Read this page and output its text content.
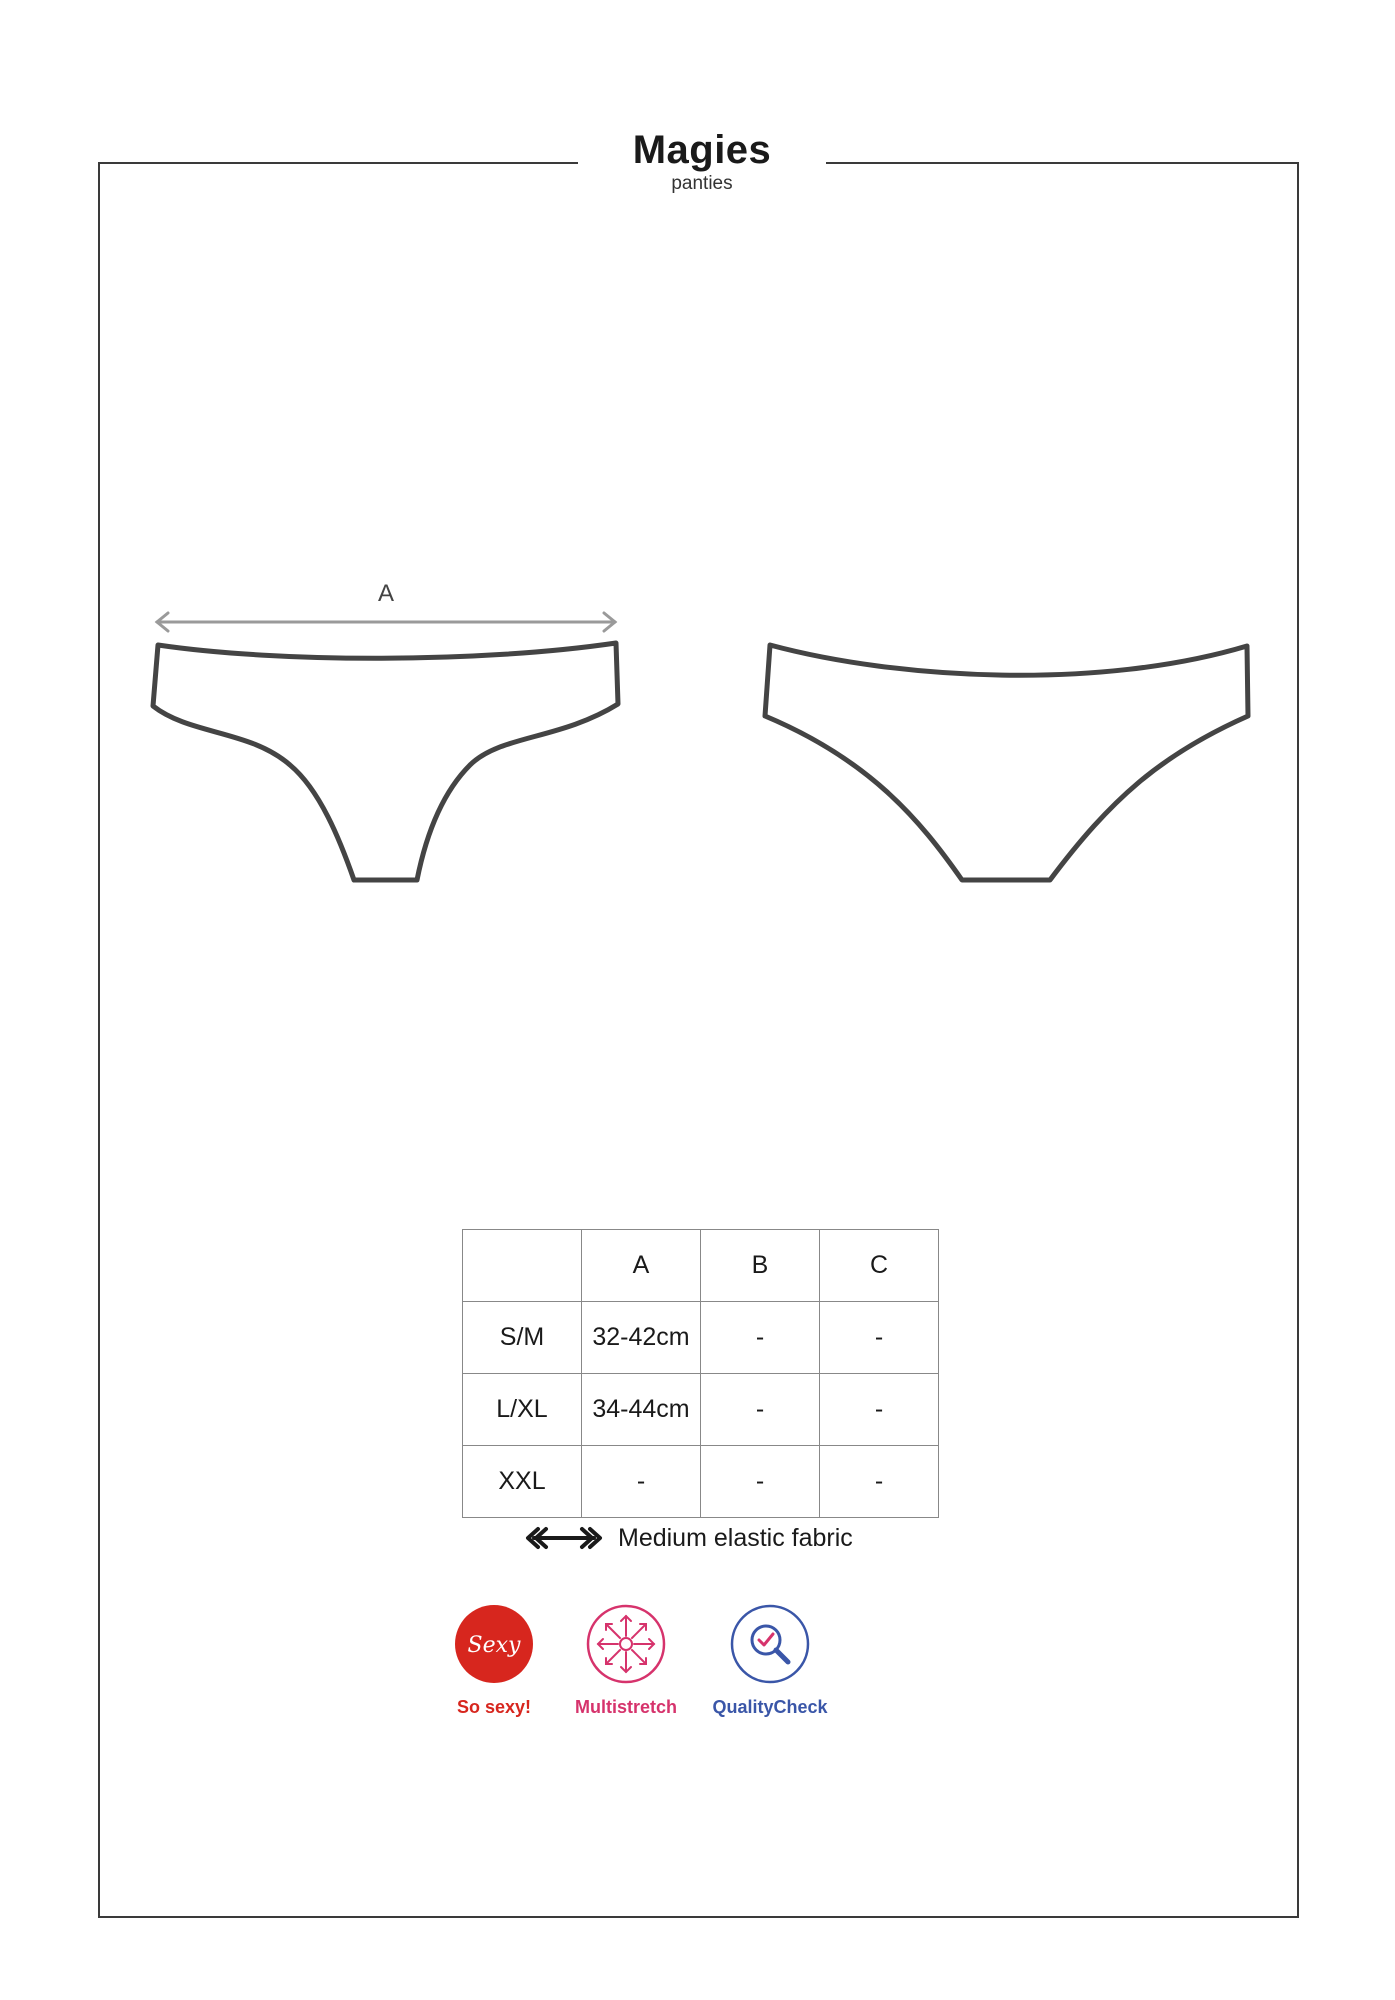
Magies
panties
A
	A	B	C
S/M	32-42cm	-	-
L/XL	34-44cm	-	-
XXL	-	-	-
Medium elastic fabric
Sexy
So sexy!	Multistretch	QualityCheck
